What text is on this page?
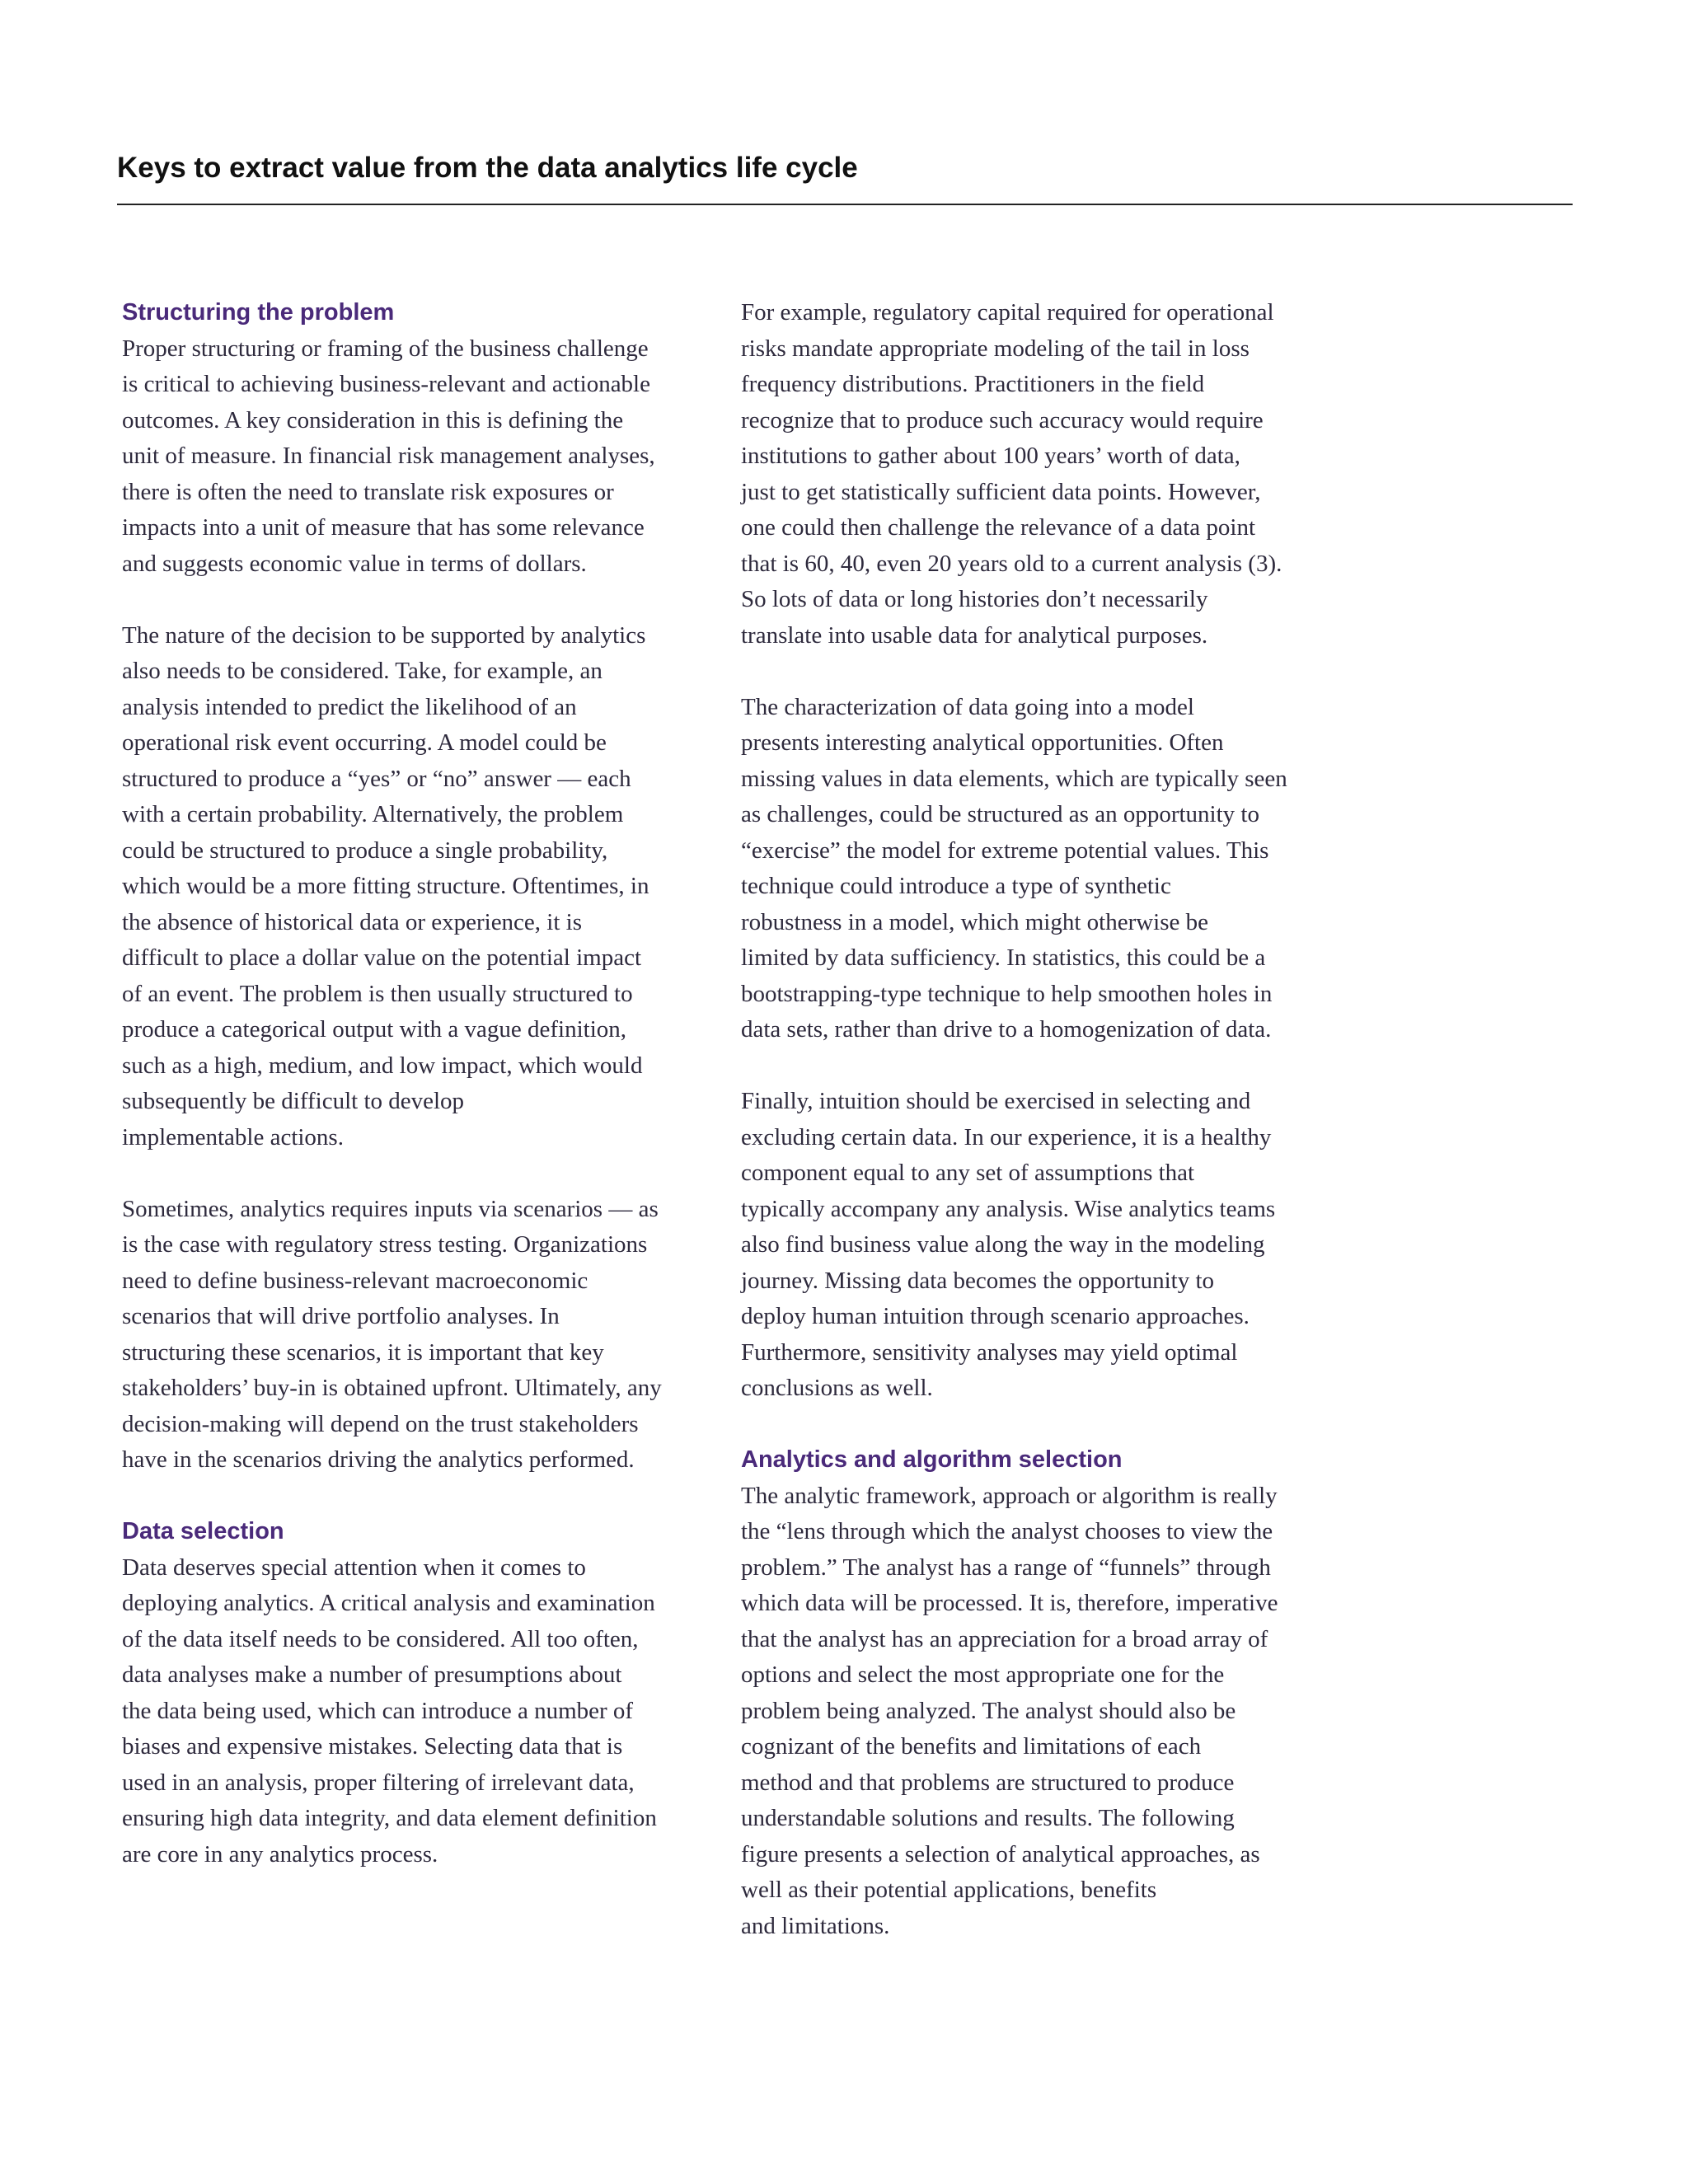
Keys to extract value from the data analytics life cycle
Structuring the problem

Proper structuring or framing of the business challenge
is critical to achieving business-relevant and actionable
outcomes. A key consideration in this is defining the
unit of measure. In financial risk management analyses,
there is often the need to translate risk exposures or
impacts into a unit of measure that has some relevance
and suggests economic value in terms of dollars.

The nature of the decision to be supported by analytics
also needs to be considered. Take, for example, an
analysis intended to predict the likelihood of an
operational risk event occurring. A model could be
structured to produce a “yes” or “no” answer — each
with a certain probability. Alternatively, the problem
could be structured to produce a single probability,
which would be a more fitting structure. Oftentimes, in
the absence of historical data or experience, it is
difficult to place a dollar value on the potential impact
of an event. The problem is then usually structured to
produce a categorical output with a vague definition,
such as a high, medium, and low impact, which would
subsequently be difficult to develop
implementable actions.

Sometimes, analytics requires inputs via scenarios — as
is the case with regulatory stress testing. Organizations
need to define business-relevant macroeconomic
scenarios that will drive portfolio analyses. In
structuring these scenarios, it is important that key
stakeholders’ buy-in is obtained upfront. Ultimately, any
decision-making will depend on the trust stakeholders
have in the scenarios driving the analytics performed.

Data selection

Data deserves special attention when it comes to
deploying analytics. A critical analysis and examination
of the data itself needs to be considered. All too often,
data analyses make a number of presumptions about
the data being used, which can introduce a number of
biases and expensive mistakes. Selecting data that is
used in an analysis, proper filtering of irrelevant data,
ensuring high data integrity, and data element definition
are core in any analytics process.

For example, regulatory capital required for operational
risks mandate appropriate modeling of the tail in loss
frequency distributions. Practitioners in the field
recognize that to produce such accuracy would require
institutions to gather about 100 years’ worth of data,
just to get statistically sufficient data points. However,
one could then challenge the relevance of a data point
that is 60, 40, even 20 years old to a current analysis (3).
So lots of data or long histories don’t necessarily
translate into usable data for analytical purposes.

The characterization of data going into a model
presents interesting analytical opportunities. Often
missing values in data elements, which are typically seen
as challenges, could be structured as an opportunity to
“exercise” the model for extreme potential values. This
technique could introduce a type of synthetic
robustness in a model, which might otherwise be
limited by data sufficiency. In statistics, this could be a
bootstrapping-type technique to help smoothen holes in
data sets, rather than drive to a homogenization of data.

Finally, intuition should be exercised in selecting and
excluding certain data. In our experience, it is a healthy
component equal to any set of assumptions that
typically accompany any analysis. Wise analytics teams
also find business value along the way in the modeling
journey. Missing data becomes the opportunity to
deploy human intuition through scenario approaches.
Furthermore, sensitivity analyses may yield optimal
conclusions as well.

Analytics and algorithm selection

The analytic framework, approach or algorithm is really
the “lens through which the analyst chooses to view the
problem.” The analyst has a range of “funnels” through
which data will be processed. It is, therefore, imperative
that the analyst has an appreciation for a broad array of
options and select the most appropriate one for the
problem being analyzed. The analyst should also be
cognizant of the benefits and limitations of each
method and that problems are structured to produce
understandable solutions and results. The following
figure presents a selection of analytical approaches, as
well as their potential applications, benefits
and limitations.
